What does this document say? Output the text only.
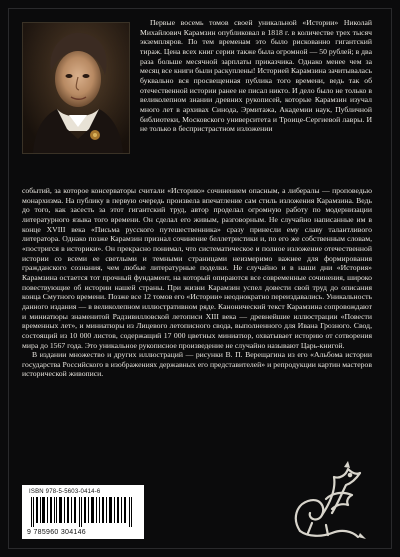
Первые восемь томов своей уникальной «Истории» Николай Михайлович Карамзин опубликовал в 1818 г. в количестве трех тысяч экземпляров. По тем временам это было рискованно гигантский тираж. Цена всех книг серии также была огромной — 50 рублей; в два раза больше месячной зарплаты приказчика. Однако менее чем за месяц все книги были раскуплены! Историей Карамзина зачитывалась буквально вся просвещенная публика того времени, ведь так об отечественной истории ранее не писал никто. И дело было не только в великолепном знании древних рукописей, которые Карамзин изучал много лет в архивах Синода, Эрмитажа, Академии наук, Публичной библиотеки, Московского университета и Троице-Сергиевой лавры. И не только в беспристрастном изложении

событий, за которое консерваторы считали «Историю» сочинением опасным, а либералы — проповедью монархизма. На публику в первую очередь произвела впечатление сам стиль изложения Карамзина. Ведь до того, как засесть за этот гигантский труд, автор проделал огромную работу по модернизации литературного языка того времени. Он сделал его живым, разговорным. Не случайно написанные им в конце XVIII века «Письма русского путешественника» сразу принесли ему славу талантливого литератора. Однако позже Карамзин признал сочинение беллетристики и, по его же собственным словам, «постригся в историки». Он прекрасно понимал, что систематическое и полное изложение отечественной истории со всеми ее светлыми и темными страницами неизмеримо важнее для формирования гражданского сознания, чем любые литературные поделки. Не случайно и в наши дни «История» Карамзина остается тот прочный фундамент, на который опираются все современные сочинения, широко повествующие об истории нашей страны. При жизни Карамзин успел довести свой труд до описания конца Смутного времени. Позже все 12 томов его «Истории» неоднократно переиздавались. Уникальность данного издания — в великолепном иллюстративном ряде. Канонический текст Карамзина сопровождают и миниатюры знаменитой Радзивилловской летописи XIII века — древнейшие иллюстрации «Повести временных лет», и миниатюры из Лицевого летописного свода, выполненного для Ивана Грозного. Свод, состоящий из 10 000 листов, содержащий 17 000 цветных миниатюр, охватывает историю от сотворения мира до 1567 года. Это уникальное рукописное произведение не случайно называют Царь-книгой.

В издании множество и других иллюстраций — рисунки В. П. Верещагина из его «Альбома истории государства Российского в изображениях державных его представителей» и репродукции картин мастеров исторической живописи.

ISBN 978-5-5603-0414-6
9 785960 304146
